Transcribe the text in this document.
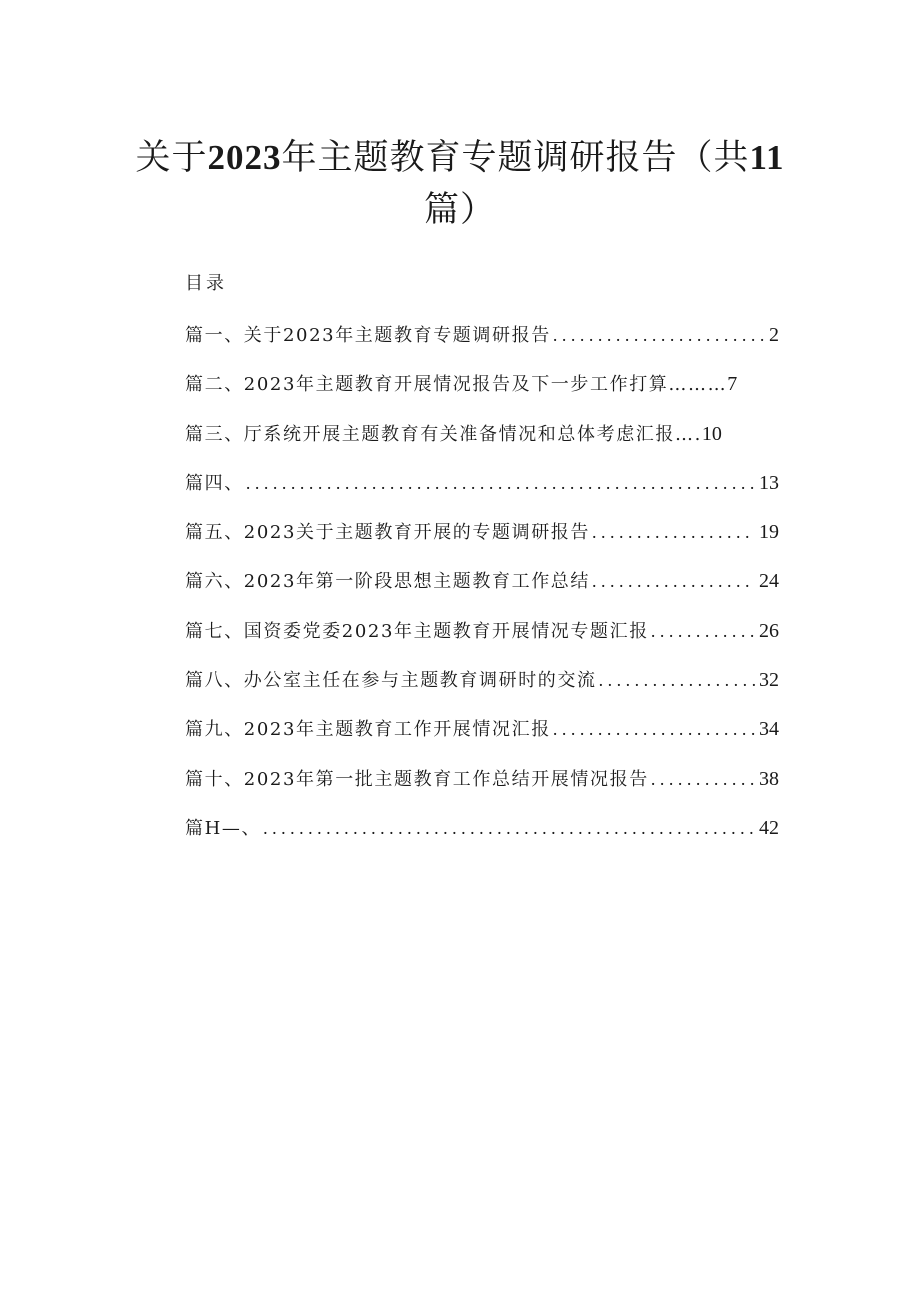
关于2023年主题教育专题调研报告（共11
篇）
目录
篇一、关于2023年主题教育专题调研报告 . . .	2
篇二、2023年主题教育开展情况报告及下一步工作打算……… 7
篇三、厅系统开展主题教育有关准备情况和总体考虑汇报…. 10
篇四、 . . .	13
篇五、2023关于主题教育开展的专题调研报告 . . .	19
篇六、2023年第一阶段思想主题教育工作总结 . . .	24
篇七、国资委党委2023年主题教育开展情况专题汇报 . . .	26
篇八、办公室主任在参与主题教育调研时的交流 . . .	32
篇九、2023年主题教育工作开展情况汇报 . . .	34
篇十、2023年第一批主题教育工作总结开展情况报告 . . .	38
篇H—、 . . .	42
